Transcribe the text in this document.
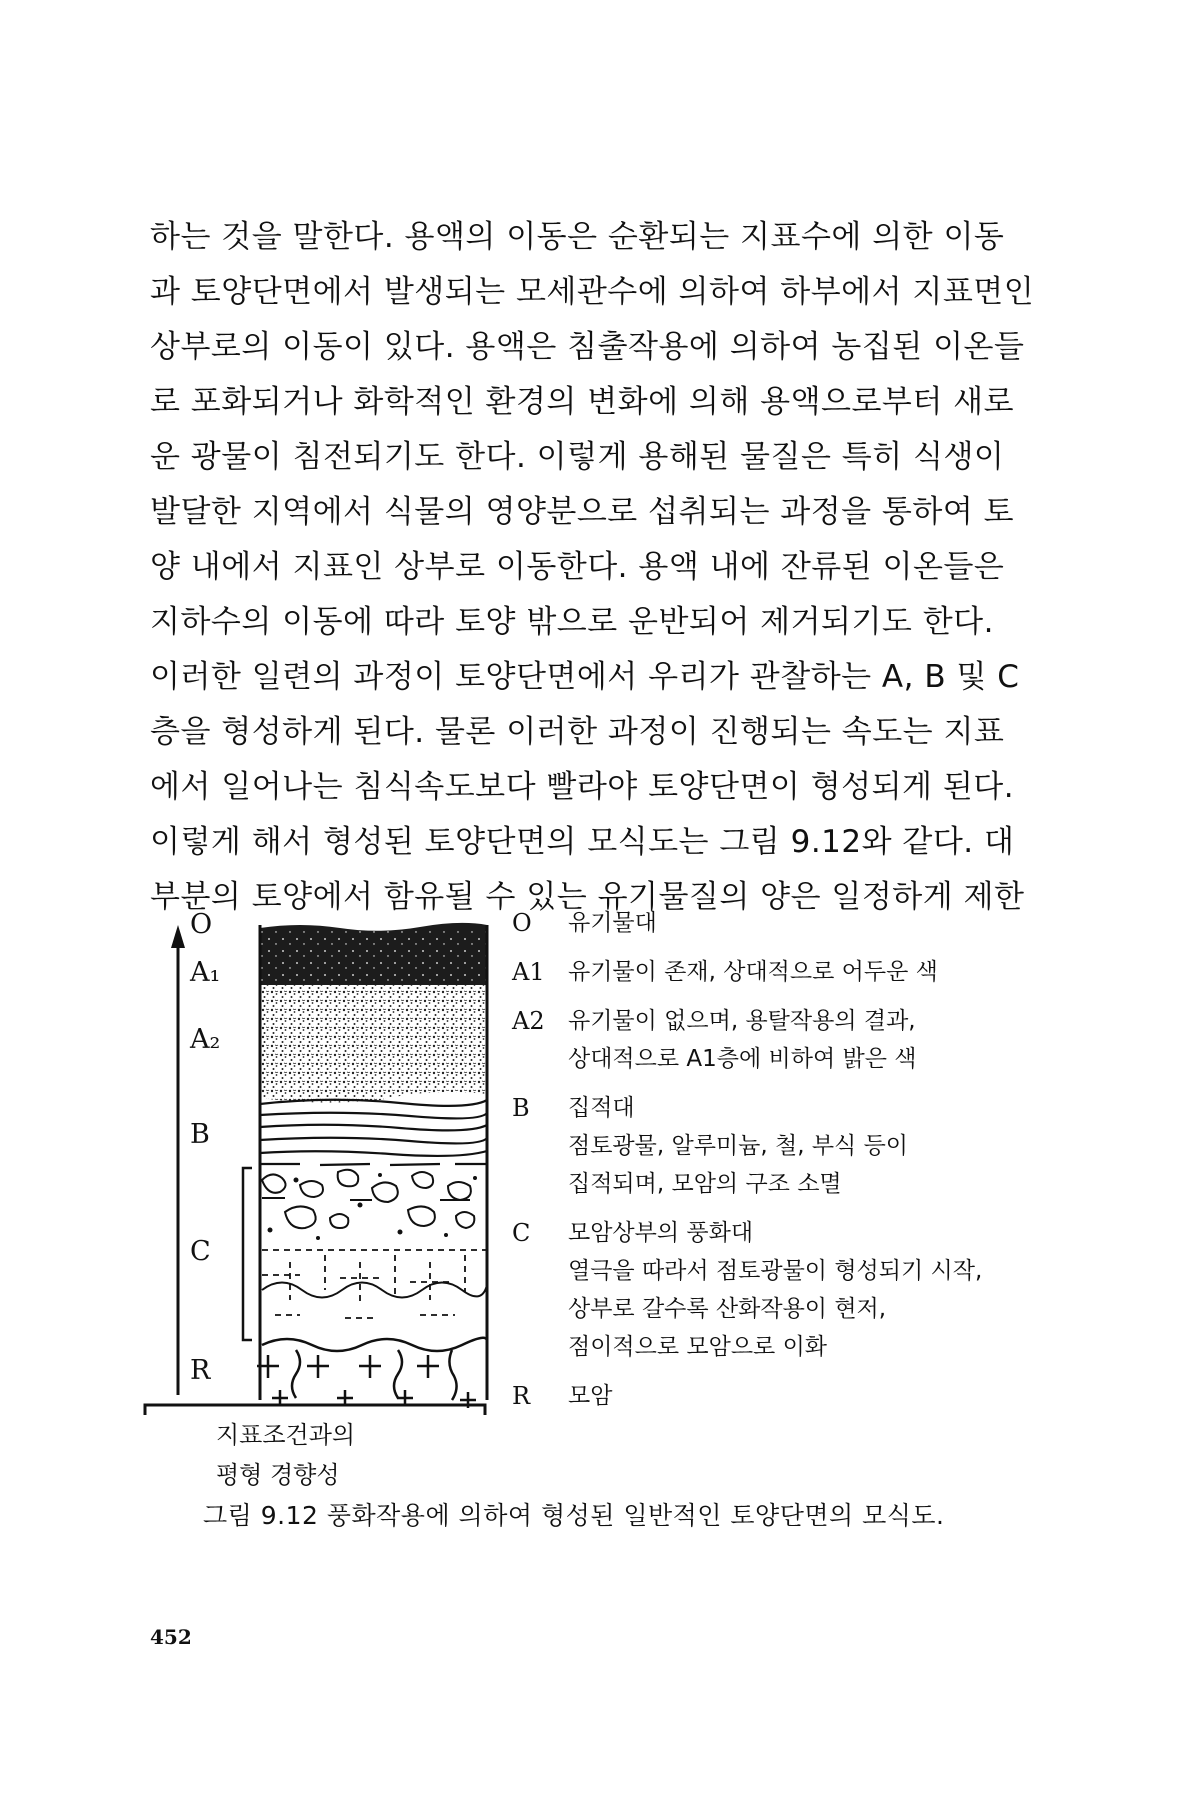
하는 것을 말한다. 용액의 이동은 순환되는 지표수에 의한 이동
과 토양단면에서 발생되는 모세관수에 의하여 하부에서 지표면인
상부로의 이동이 있다. 용액은 침출작용에 의하여 농집된 이온들
로 포화되거나 화학적인 환경의 변화에 의해 용액으로부터 새로
운 광물이 침전되기도 한다. 이렇게 용해된 물질은 특히 식생이
발달한 지역에서 식물의 영양분으로 섭취되는 과정을 통하여 토
양 내에서 지표인 상부로 이동한다. 용액 내에 잔류된 이온들은
지하수의 이동에 따라 토양 밖으로 운반되어 제거되기도 한다.
이러한 일련의 과정이 토양단면에서 우리가 관찰하는 A, B 및 C
층을 형성하게 된다. 물론 이러한 과정이 진행되는 속도는 지표
에서 일어나는 침식속도보다 빨라야 토양단면이 형성되게 된다.
이렇게 해서 형성된 토양단면의 모식도는 그림 9.12와 같다. 대
부분의 토양에서 함유될 수 있는 유기물질의 양은 일정하게 제한
O
A₁
A₂
B
C
R
O	유기물대
A1	유기물이 존재, 상대적으로 어두운 색
A2	유기물이 없으며, 용탈작용의 결과,
상대적으로 A1층에 비하여 밝은 색
B	집적대
점토광물, 알루미늄, 철, 부식 등이
집적되며, 모암의 구조 소멸
C	모암상부의 풍화대
열극을 따라서 점토광물이 형성되기 시작,
상부로 갈수록 산화작용이 현저,
점이적으로 모암으로 이화
R	모암
지표조건과의
평형 경향성
그림 9.12 풍화작용에 의하여 형성된 일반적인 토양단면의 모식도.
452
